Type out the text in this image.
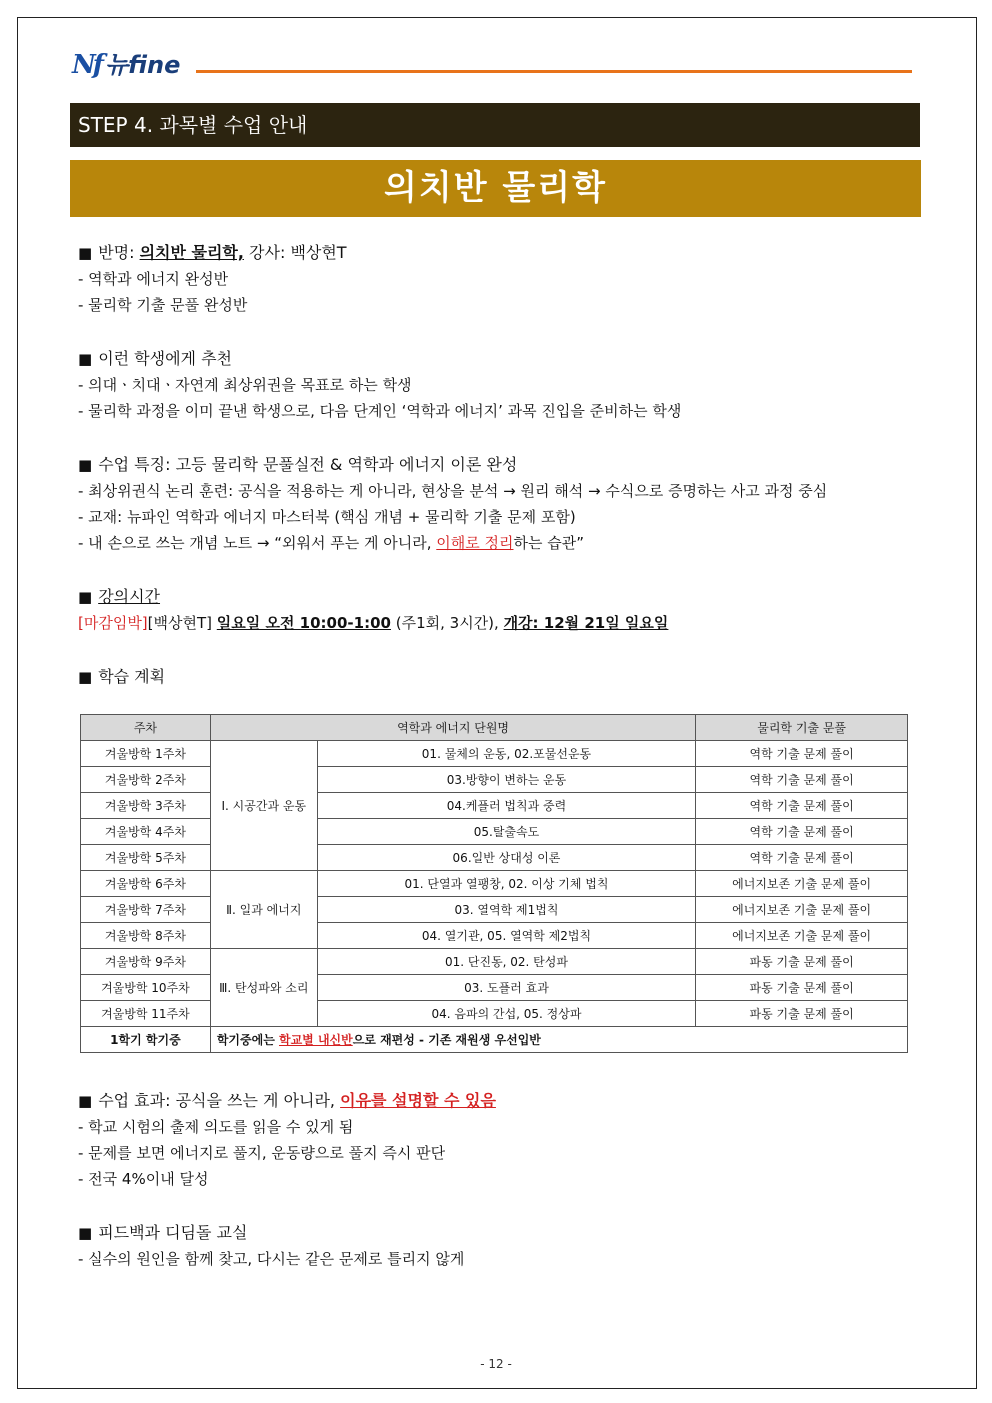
Nf 뉴fine
STEP 4. 과목별 수업 안내
의치반 물리학
■ 반명: 의치반 물리학, 강사: 백상현T
- 역학과 에너지 완성반
- 물리학 기출 문풀 완성반
■ 이런 학생에게 추천
- 의대ㆍ치대ㆍ자연계 최상위권을 목표로 하는 학생
- 물리학 과정을 이미 끝낸 학생으로, 다음 단계인 ‘역학과 에너지’ 과목 진입을 준비하는 학생
■ 수업 특징: 고등 물리학 문풀실전 & 역학과 에너지 이론 완성
- 최상위권식 논리 훈련: 공식을 적용하는 게 아니라, 현상을 분석 → 원리 해석 → 수식으로 증명하는 사고 과정 중심
- 교재: 뉴파인 역학과 에너지 마스터북 (핵심 개념 + 물리학 기출 문제 포함)
- 내 손으로 쓰는 개념 노트 → “외워서 푸는 게 아니라, 이해로 정리하는 습관”
■ 강의시간
[마감임박][백상현T] 일요일 오전 10:00-1:00 (주1회, 3시간), 개강: 12월 21일 일요일
■ 학습 계획
주차	역학과 에너지 단원명		물리학 기출 문풀
겨울방학 1주차	Ⅰ. 시공간과 운동	01. 물체의 운동, 02.포물선운동	역학 기출 문제 풀이
겨울방학 2주차		03.방향이 변하는 운동	역학 기출 문제 풀이
겨울방학 3주차		04.케플러 법칙과 중력	역학 기출 문제 풀이
겨울방학 4주차		05.탈출속도	역학 기출 문제 풀이
겨울방학 5주차		06.일반 상대성 이론	역학 기출 문제 풀이
겨울방학 6주차	Ⅱ. 일과 에너지	01. 단열과 열팽창, 02. 이상 기체 법칙	에너지보존 기출 문제 풀이
겨울방학 7주차		03. 열역학 제1법칙	에너지보존 기출 문제 풀이
겨울방학 8주차		04. 열기관, 05. 열역학 제2법칙	에너지보존 기출 문제 풀이
겨울방학 9주차	Ⅲ. 탄성파와 소리	01. 단진동, 02. 탄성파	파동 기출 문제 풀이
겨울방학 10주차		03. 도플러 효과	파동 기출 문제 풀이
겨울방학 11주차		04. 음파의 간섭, 05. 정상파	파동 기출 문제 풀이
1학기 학기중	학기중에는 학교별 내신반으로 재편성 - 기존 재원생 우선입반		
■ 수업 효과: 공식을 쓰는 게 아니라, 이유를 설명할 수 있음
- 학교 시험의 출제 의도를 읽을 수 있게 됨
- 문제를 보면 에너지로 풀지, 운동량으로 풀지 즉시 판단
- 전국 4%이내 달성
■ 피드백과 디딤돌 교실
- 실수의 원인을 함께 찾고, 다시는 같은 문제로 틀리지 않게
- 12 -
